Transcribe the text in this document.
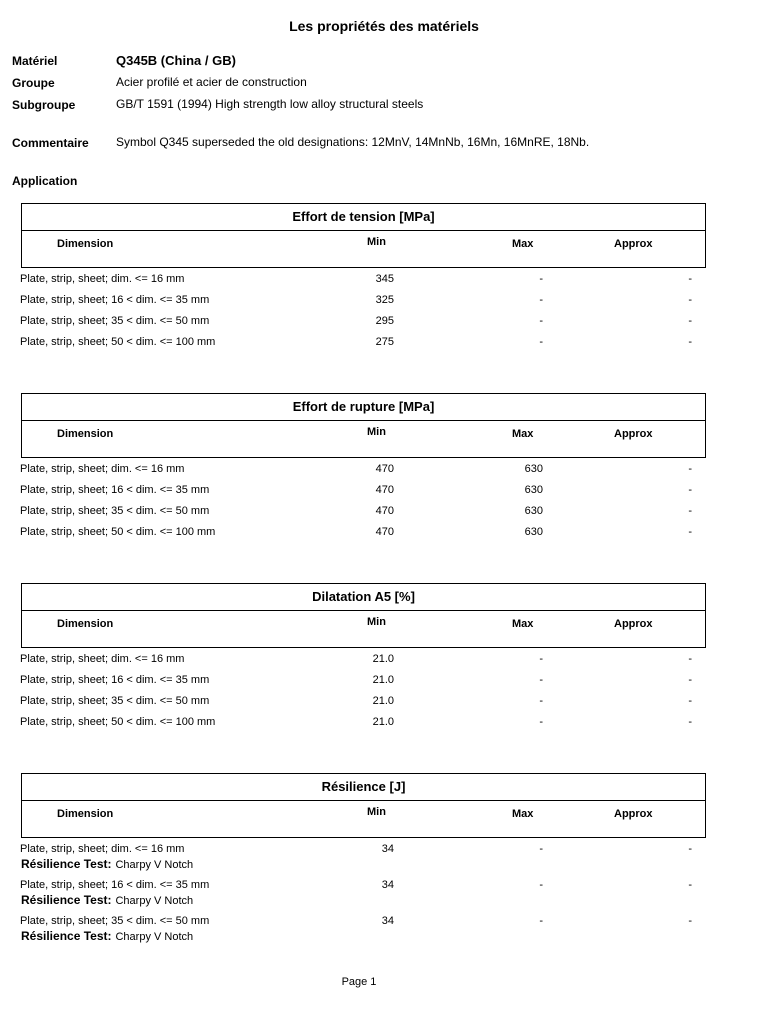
Les propriétés des matériels
Matériel	Q345B (China / GB)
Groupe	Acier profilé et acier de construction
Subgroupe	GB/T 1591 (1994) High strength low alloy structural steels
Commentaire Symbol Q345 superseded the old designations: 12MnV, 14MnNb, 16Mn, 16MnRE, 18Nb.
Application
Effort de tension [MPa]
Dimension	Min	Max	Approx
Plate, strip, sheet; dim. <= 16 mm	345	-	-
Plate, strip, sheet; 16 < dim. <= 35 mm	325	-	-
Plate, strip, sheet; 35 < dim. <= 50 mm	295	-	-
Plate, strip, sheet; 50 < dim. <= 100 mm	275	-	-
Effort de rupture [MPa]
Dimension	Min	Max	Approx
Plate, strip, sheet; dim. <= 16 mm	470	630	-
Plate, strip, sheet; 16 < dim. <= 35 mm	470	630	-
Plate, strip, sheet; 35 < dim. <= 50 mm	470	630	-
Plate, strip, sheet; 50 < dim. <= 100 mm	470	630	-
Dilatation A5 [%]
Dimension	Min	Max	Approx
Plate, strip, sheet; dim. <= 16 mm	21.0	-	-
Plate, strip, sheet; 16 < dim. <= 35 mm	21.0	-	-
Plate, strip, sheet; 35 < dim. <= 50 mm	21.0	-	-
Plate, strip, sheet; 50 < dim. <= 100 mm	21.0	-	-
Résilience [J]
Dimension	Min	Max	Approx
Plate, strip, sheet; dim. <= 16 mm	34	-	-
Résilience Test: Charpy V Notch
Plate, strip, sheet; 16 < dim. <= 35 mm	34	-	-
Résilience Test: Charpy V Notch
Plate, strip, sheet; 35 < dim. <= 50 mm	34	-	-
Résilience Test: Charpy V Notch
Page 1
